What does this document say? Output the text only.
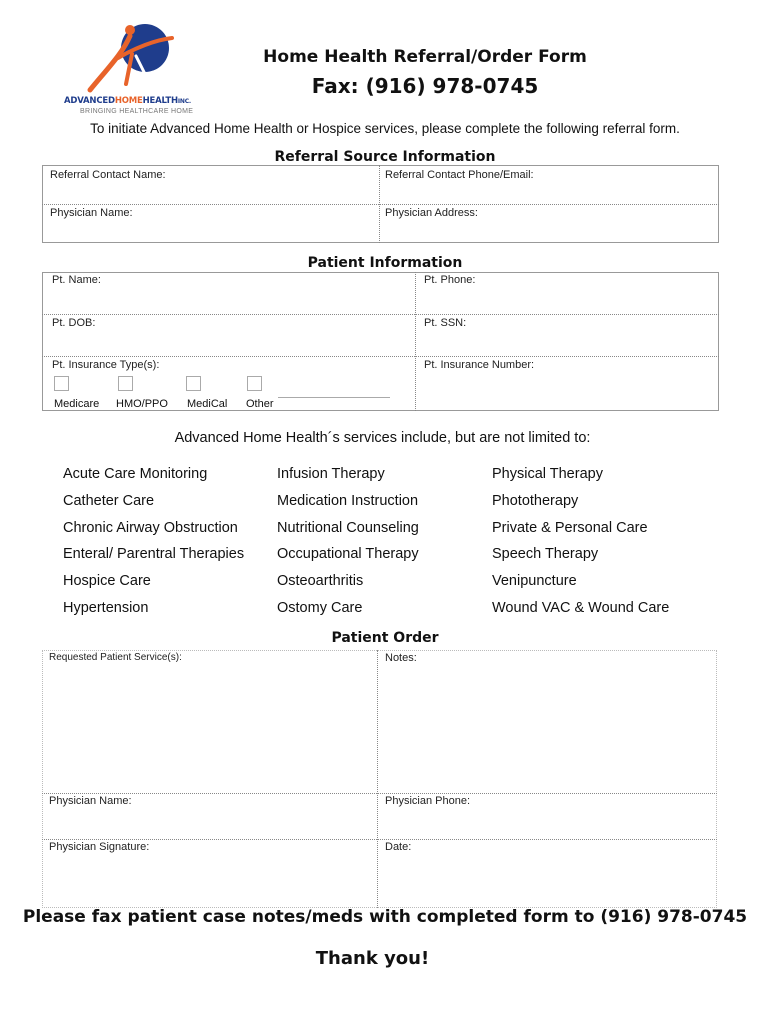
ADVANCEDHOMEHEALTHINC.
BRINGING HEALTHCARE HOME
Home Health Referral/Order Form
Fax: (916) 978-0745
To initiate Advanced Home Health or Hospice services, please complete the following referral form.
Referral Source Information
Referral Contact Name:	Referral Contact Phone/Email:
Physician Name:	Physician Address:
Patient Information
Pt. Name:	Pt. Phone:
Pt. DOB:	Pt. SSN:
Pt. Insurance Type(s):	Pt. Insurance Number:
Medicare HMO/PPO MediCal Other
Advanced Home Health´s services include, but are not limited to:
Acute Care Monitoring
Catheter Care
Chronic Airway Obstruction
Enteral/ Parentral Therapies
Hospice Care
Hypertension
Infusion Therapy
Medication Instruction
Nutritional Counseling
Occupational Therapy
Osteoarthritis
Ostomy Care
Physical Therapy
Phototherapy
Private & Personal Care
Speech Therapy
Venipuncture
Wound VAC & Wound Care
Patient Order
Requested Patient Service(s):	Notes:
Physician Name:	Physician Phone:
Physician Signature:	Date:
Please fax patient case notes/meds with completed form to (916) 978-0745
Thank you!
